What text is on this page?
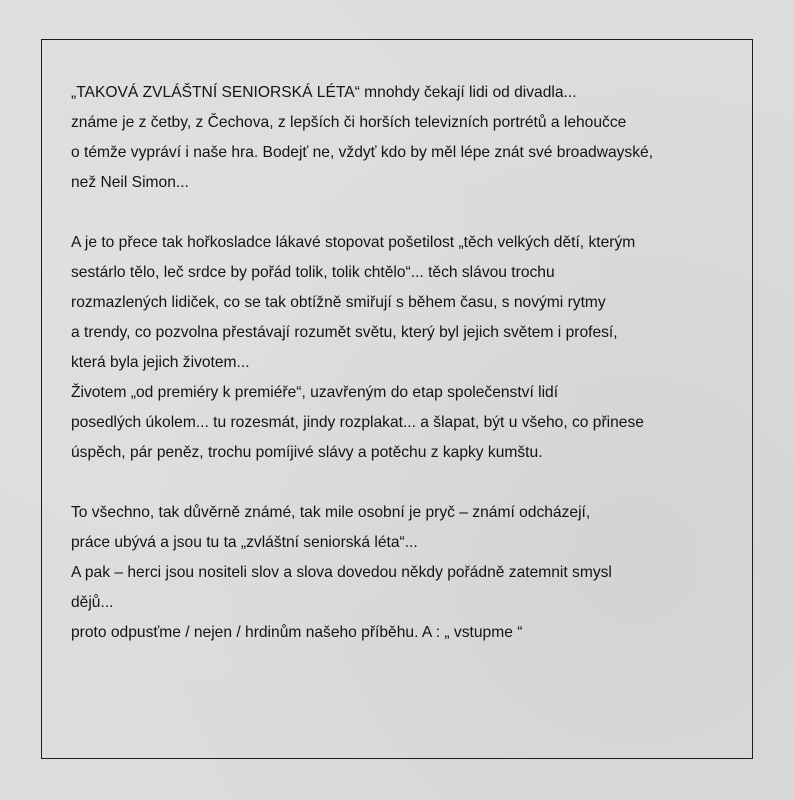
„TAKOVÁ ZVLÁŠTNÍ SENIORSKÁ LÉTA“ mnohdy čekají lidi od divadla...
známe je z četby, z Čechova, z lepších či horších televizních portrétů a lehoučce
o témže vypráví i naše hra. Bodejť ne, vždyť kdo by měl lépe znát své broadwayské,
než Neil Simon...
A je to přece tak hořkosladce lákavé stopovat pošetilost „těch velkých dětí, kterým
sestárlo tělo, leč srdce by pořád tolik, tolik chtělo“... těch slávou trochu
rozmazlených lidiček, co se tak obtížně smiřují s během času, s novými rytmy
a trendy, co pozvolna přestávají rozumět světu, který byl jejich světem i profesí,
která byla jejich životem...
Životem „od premiéry k premiéře“, uzavřeným do etap společenství lidí
posedlých úkolem... tu rozesmát, jindy rozplakat... a šlapat, být u všeho, co přinese
úspěch, pár peněz, trochu pomíjivé slávy a potěchu z kapky kumštu.
To všechno, tak důvěrně známé, tak mile osobní je pryč – známí odcházejí,
práce ubývá a jsou tu ta „zvláštní seniorská léta“...
A pak – herci jsou nositeli slov a slova dovedou někdy pořádně zatemnit smysl
dějů...
proto odpusťme / nejen / hrdinům našeho příběhu. A : „ vstupme “
